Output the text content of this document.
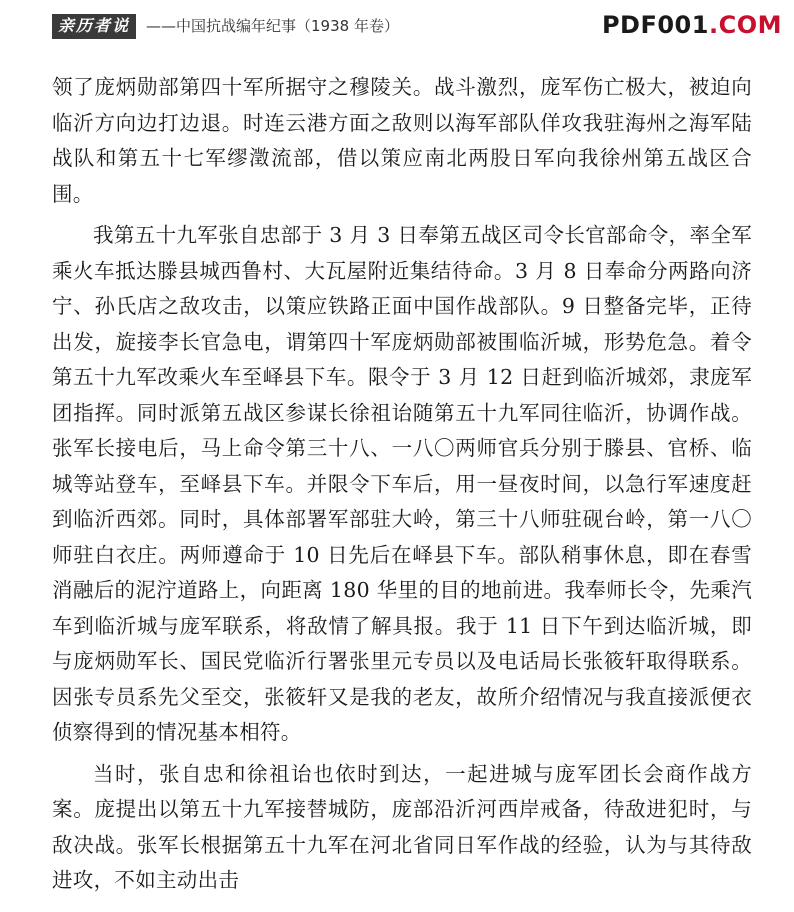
亲历者说	——中国抗战编年纪事（1938 年卷）	PDF001.COM

领了庞炳勋部第四十军所据守之穆陵关。战斗激烈，庞军伤亡极大，被迫向临沂方向边打边退。时连云港方面之敌则以海军部队佯攻我驻海州之海军陆战队和第五十七军缪澂流部，借以策应南北两股日军向我徐州第五战区合围。

我第五十九军张自忠部于 3 月 3 日奉第五战区司令长官部命令，率全军乘火车抵达滕县城西鲁村、大瓦屋附近集结待命。3 月 8 日奉命分两路向济宁、孙氏店之敌攻击，以策应铁路正面中国作战部队。9 日整备完毕，正待出发，旋接李长官急电，谓第四十军庞炳勋部被围临沂城，形势危急。着令第五十九军改乘火车至峄县下车。限令于 3 月 12 日赶到临沂城郊，隶庞军团指挥。同时派第五战区参谋长徐祖诒随第五十九军同往临沂，协调作战。张军长接电后，马上命令第三十八、一八〇两师官兵分别于滕县、官桥、临城等站登车，至峄县下车。并限令下车后，用一昼夜时间，以急行军速度赶到临沂西郊。同时，具体部署军部驻大岭，第三十八师驻砚台岭，第一八〇师驻白衣庄。两师遵命于 10 日先后在峄县下车。部队稍事休息，即在春雪消融后的泥泞道路上，向距离 180 华里的目的地前进。我奉师长令，先乘汽车到临沂城与庞军联系，将敌情了解具报。我于 11 日下午到达临沂城，即与庞炳勋军长、国民党临沂行署张里元专员以及电话局长张筱轩取得联系。因张专员系先父至交，张筱轩又是我的老友，故所介绍情况与我直接派便衣侦察得到的情况基本相符。

当时，张自忠和徐祖诒也依时到达，一起进城与庞军团长会商作战方案。庞提出以第五十九军接替城防，庞部沿沂河西岸戒备，待敌进犯时，与敌决战。张军长根据第五十九军在河北省同日军作战的经验，认为与其待敌进攻，不如主动出击
